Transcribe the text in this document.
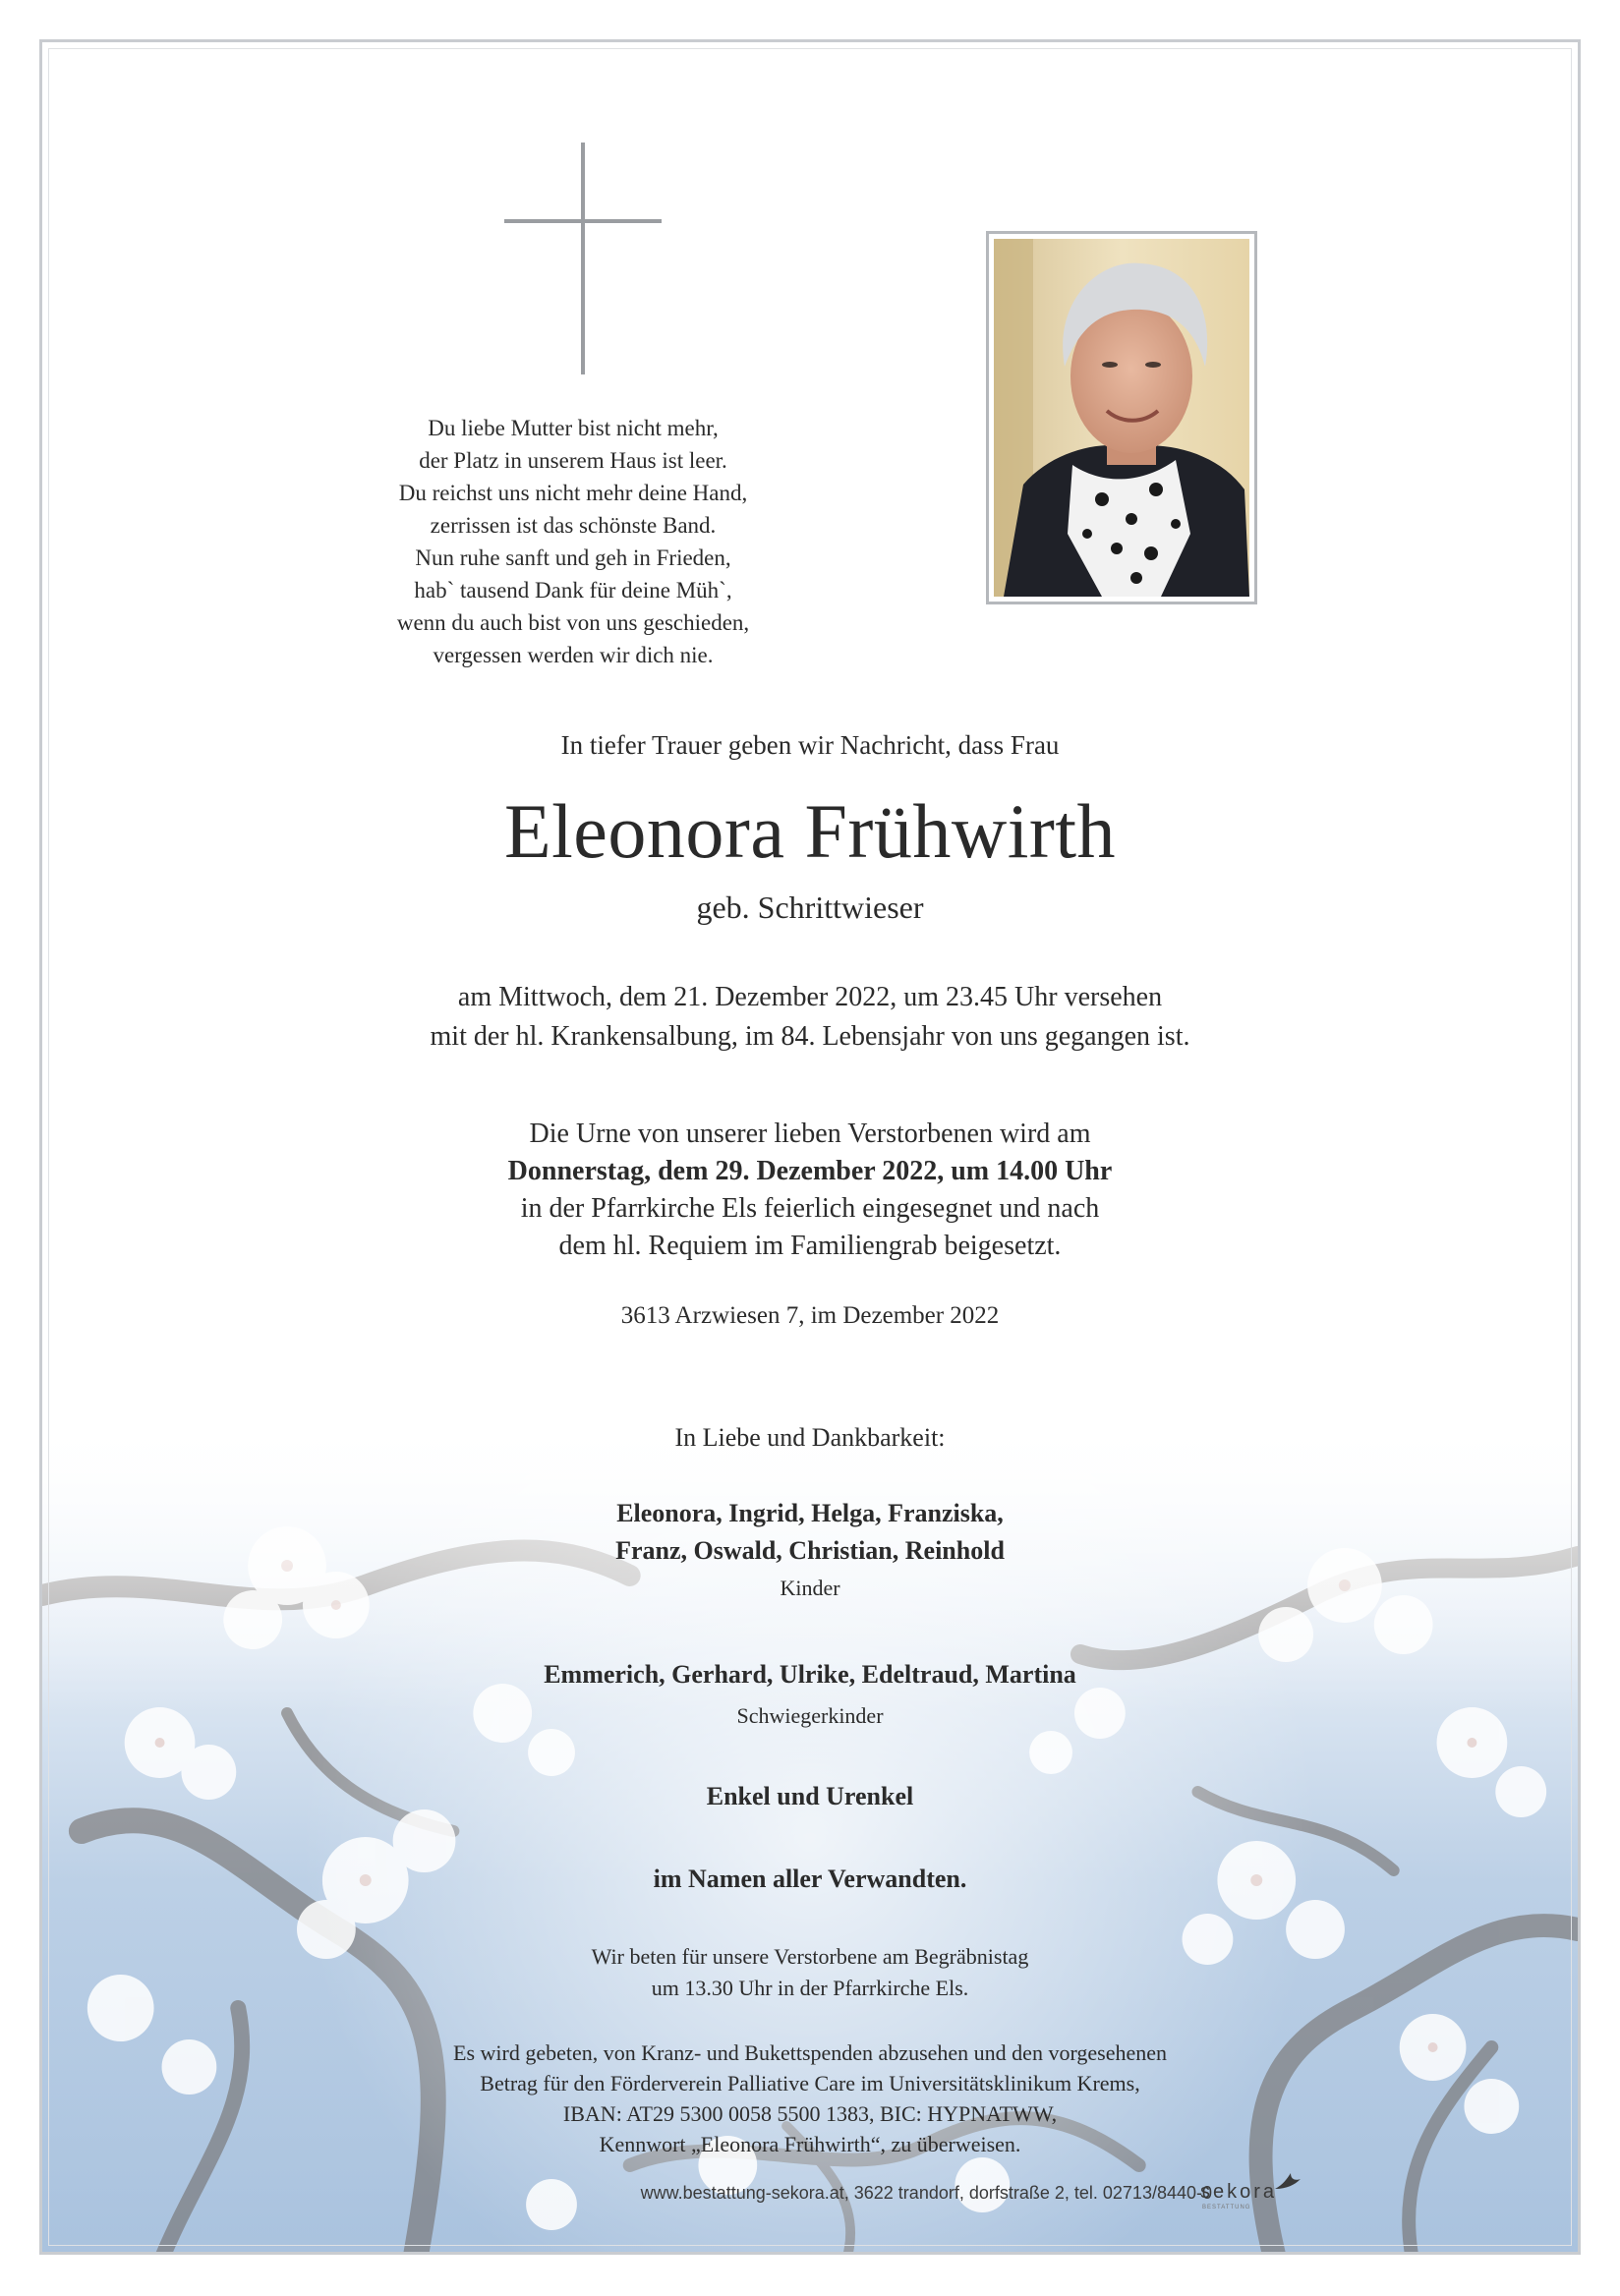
Du liebe Mutter bist nicht mehr,
der Platz in unserem Haus ist leer.
Du reichst uns nicht mehr deine Hand,
zerrissen ist das schönste Band.
Nun ruhe sanft und geh in Frieden,
hab` tausend Dank für deine Müh`,
wenn du auch bist von uns geschieden,
vergessen werden wir dich nie.
In tiefer Trauer geben wir Nachricht, dass Frau
Eleonora Frühwirth
geb. Schrittwieser
am Mittwoch, dem 21. Dezember 2022, um 23.45 Uhr versehen
mit der hl. Krankensalbung, im 84. Lebensjahr von uns gegangen ist.
Die Urne von unserer lieben Verstorbenen wird am
Donnerstag, dem 29. Dezember 2022, um 14.00 Uhr
in der Pfarrkirche Els feierlich eingesegnet und nach
dem hl. Requiem im Familiengrab beigesetzt.
3613 Arzwiesen 7, im Dezember 2022
In Liebe und Dankbarkeit:
Eleonora, Ingrid, Helga, Franziska,
Franz, Oswald, Christian, Reinhold
Kinder
Emmerich, Gerhard, Ulrike, Edeltraud, Martina
Schwiegerkinder
Enkel und Urenkel
im Namen aller Verwandten.
Wir beten für unsere Verstorbene am Begräbnistag
um 13.30 Uhr in der Pfarrkirche Els.
Es wird gebeten, von Kranz- und Bukettspenden abzusehen und den vorgesehenen
Betrag für den Förderverein Palliative Care im Universitätsklinikum Krems,
IBAN: AT29 5300 0058 5500 1383, BIC: HYPNATWW,
Kennwort „Eleonora Frühwirth“, zu überweisen.
www.bestattung-sekora.at, 3622 trandorf, dorfstraße 2, tel. 02713/8440-0
sekora
BESTATTUNG
